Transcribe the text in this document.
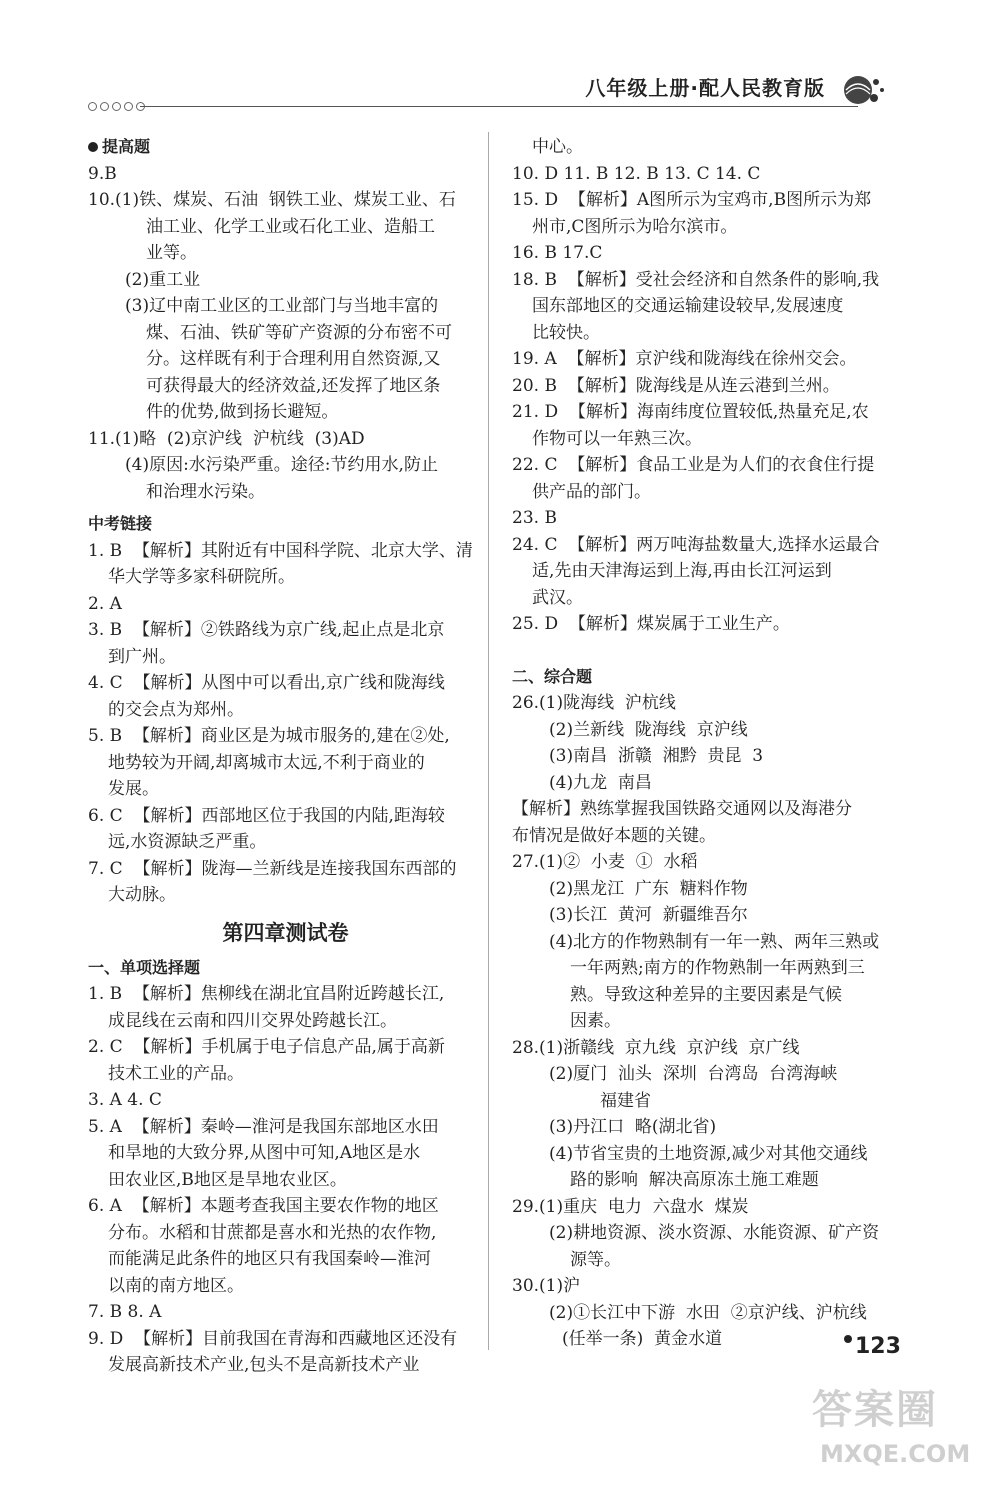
八年级上册·配人民教育版
提高题
9.B
10. (1)铁、煤炭、石油  钢铁工业、煤炭工业、石
油工业、化学工业或石化工业、造船工
业等。
(2)重工业
(3)辽中南工业区的工业部门与当地丰富的
煤、石油、铁矿等矿产资源的分布密不可
分。这样既有利于合理利用自然资源,又
可获得最大的经济效益,还发挥了地区条
件的优势,做到扬长避短。
11. (1)略  (2)京沪线  沪杭线  (3)AD
(4)原因:水污染严重。途径:节约用水,防止
和治理水污染。
中考链接
1. B
【解析】其附近有中国科学院、北京大学、清
华大学等多家科研院所。
2. A
3. B
【解析】②铁路线为京广线,起止点是北京
到广州。
4. C
【解析】从图中可以看出,京广线和陇海线
的交会点为郑州。
5. B
【解析】商业区是为城市服务的,建在②处,
地势较为开阔,却离城市太远,不利于商业的
发展。
6. C
【解析】西部地区位于我国的内陆,距海较
远,水资源缺乏严重。
7. C
【解析】陇海—兰新线是连接我国东西部的
大动脉。
第四章测试卷
一、单项选择题
1. B
【解析】焦柳线在湖北宜昌附近跨越长江,
成昆线在云南和四川交界处跨越长江。
2. C
【解析】手机属于电子信息产品,属于高新
技术工业的产品。
3. A 4. C
5. A
【解析】秦岭—淮河是我国东部地区水田
和旱地的大致分界,从图中可知,A地区是水
田农业区,B地区是旱地农业区。
6. A
【解析】本题考查我国主要农作物的地区
分布。水稻和甘蔗都是喜水和光热的农作物,
而能满足此条件的地区只有我国秦岭—淮河
以南的南方地区。
7. B 8. A
9. D
【解析】目前我国在青海和西藏地区还没有
发展高新技术产业,包头不是高新技术产业
中心。
10. D 11. B 12. B 13. C 14. C
15. D
【解析】A图所示为宝鸡市,B图所示为郑
州市,C图所示为哈尔滨市。
16. B 17.C
18. B
【解析】受社会经济和自然条件的影响,我
国东部地区的交通运输建设较早,发展速度
比较快。
19. A
【解析】京沪线和陇海线在徐州交会。
20. B
【解析】陇海线是从连云港到兰州。
21. D
【解析】海南纬度位置较低,热量充足,农
作物可以一年熟三次。
22. C
【解析】食品工业是为人们的衣食住行提
供产品的部门。
23. B
24. C
【解析】两万吨海盐数量大,选择水运最合
适,先由天津海运到上海,再由长江河运到
武汉。
25. D
【解析】煤炭属于工业生产。
二、综合题
26. (1)陇海线  沪杭线
(2)兰新线  陇海线  京沪线
(3)南昌  浙赣  湘黔  贵昆  3
(4)九龙  南昌
【解析】熟练掌握我国铁路交通网以及海港分
布情况是做好本题的关键。
27. (1)②  小麦  ①  水稻
(2)黑龙江  广东  糖料作物
(3)长江  黄河  新疆维吾尔
(4)北方的作物熟制有一年一熟、两年三熟或
一年两熟;南方的作物熟制一年两熟到三
熟。导致这种差异的主要因素是气候
因素。
28. (1)浙赣线  京九线  京沪线  京广线
(2)厦门  汕头  深圳  台湾岛  台湾海峡
福建省
(3)丹江口  略(湖北省)
(4)节省宝贵的土地资源,减少对其他交通线
路的影响  解决高原冻土施工难题
29. (1)重庆  电力  六盘水  煤炭
(2)耕地资源、淡水资源、水能资源、矿产资
源等。
30. (1)沪
(2)①长江中下游  水田  ②京沪线、沪杭线
(任举一条)  黄金水道	123
答案圈
MXQE.COM
